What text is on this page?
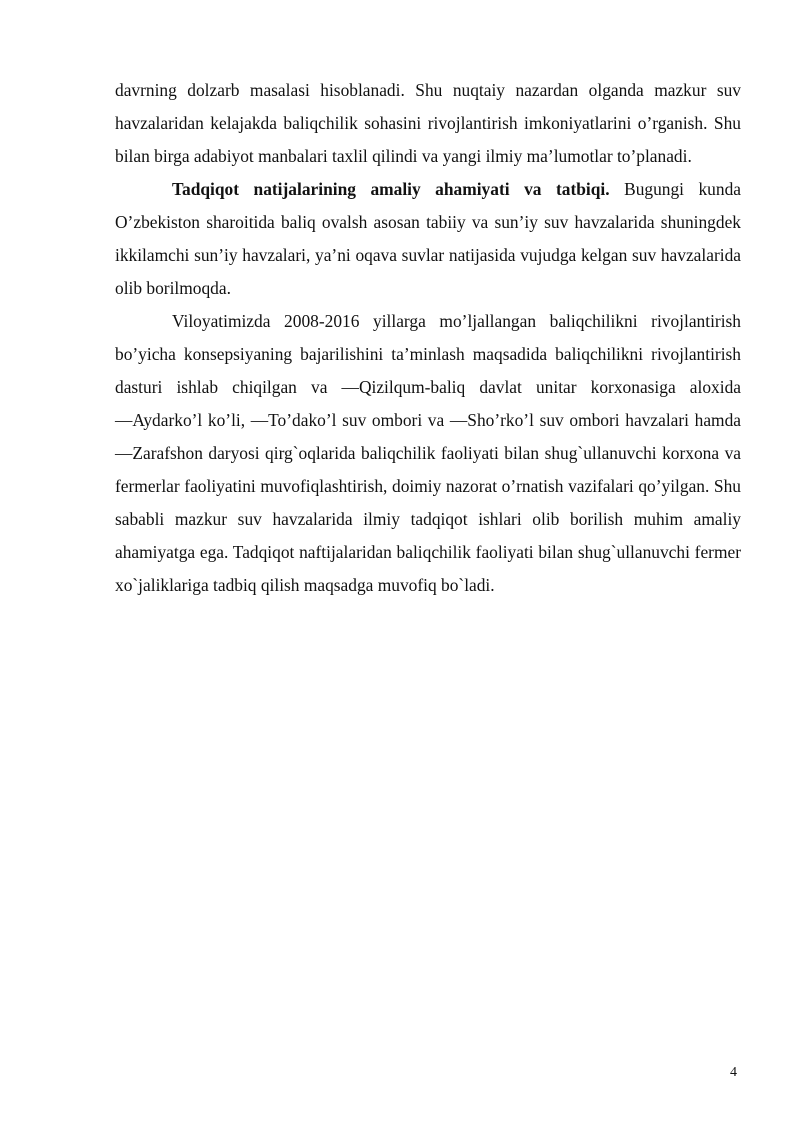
davrning dolzarb masalasi hisoblanadi. Shu nuqtaiy nazardan olganda mazkur suv havzalaridan kelajakda baliqchilik sohasini rivojlantirish imkoniyatlarini o’rganish. Shu bilan birga adabiyot manbalari taxlil qilindi va yangi ilmiy ma’lumotlar to’planadi.

Tadqiqot natijalarining amaliy ahamiyati va tatbiqi. Bugungi kunda O’zbekiston sharoitida baliq ovalsh asosan tabiiy va sun’iy suv havzalarida shuningdek ikkilamchi sun’iy havzalari, ya’ni oqava suvlar natijasida vujudga kelgan suv havzalarida olib borilmoqda.

Viloyatimizda 2008-2016 yillarga mo’ljallangan baliqchilikni rivojlantirish bo’yicha konsepsiyaning bajarilishini ta’minlash maqsadida baliqchilikni rivojlantirish dasturi ishlab chiqilgan va ―Qizilqum-baliq davlat unitar korxonasiga aloxida ―Aydarko’l ko’li, ―To’dako’l suv ombori va ―Sho’rko’l suv ombori havzalari hamda ―Zarafshon daryosi qirg`oqlarida baliqchilik faoliyati bilan shug`ullanuvchi korxona va fermerlar faoliyatini muvofiqlashtirish, doimiy nazorat o’rnatish vazifalari qo’yilgan. Shu sababli mazkur suv havzalarida ilmiy tadqiqot ishlari olib borilish muhim amaliy ahamiyatga ega. Tadqiqot naftijalaridan baliqchilik faoliyati bilan shug`ullanuvchi fermer xo`jaliklariga tadbiq qilish maqsadga muvofiq bo`ladi.

4
